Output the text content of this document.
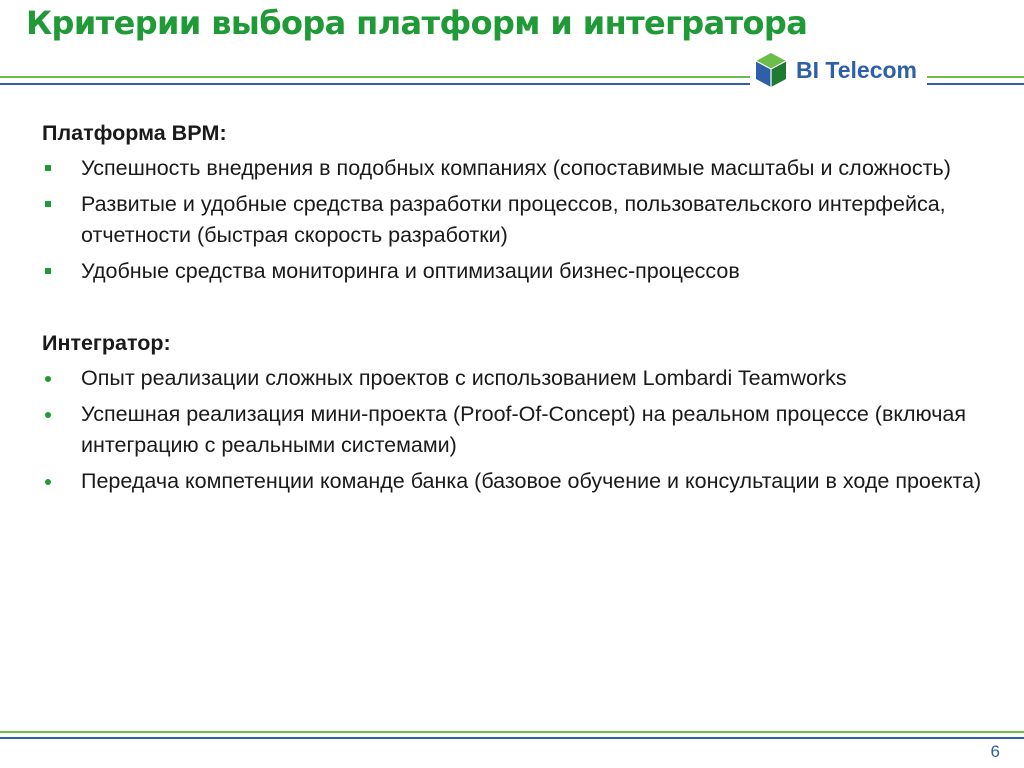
Критерии выбора платформ и интегратора
BI Telecom
Платформа BPM:
Успешность внедрения в подобных компаниях (сопоставимые масштабы и сложность)
Развитые и удобные средства разработки процессов, пользовательского интерфейса, отчетности (быстрая скорость разработки)
Удобные средства мониторинга и оптимизации бизнес-процессов
Интегратор:
Опыт реализации сложных проектов с использованием Lombardi Teamworks
Успешная реализация мини-проекта (Proof-Of-Concept) на реальном процессе (включая интеграцию с реальными системами)
Передача компетенции команде банка (базовое обучение и консультации в ходе проекта)
6
